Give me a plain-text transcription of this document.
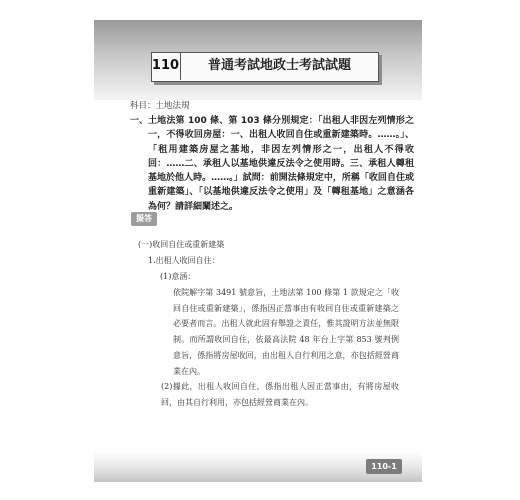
110	普通考試地政士考試試題
科目：土地法規
一、 土地法第 100 條、第 103 條分別規定：「出租人非因左列情形之一，不得收回房屋：一、出租人收回自住或重新建築時。……。」、「租用建築房屋之基地，非因左列情形之一，出租人不得收回：……二、承租人以基地供違反法令之使用時。三、承租人轉租基地於他人時。……。」試問：前開法條規定中，所稱「收回自住或重新建築」、「以基地供違反法令之使用」及「轉租基地」之意涵各為何？請詳細闡述之。
擬答
(一)收回自住或重新建築
1.出租人收回自住：
(1)意涵：
依院解字第 3491 號意旨，土地法第 100 條第 1 款規定之「收回自住或重新建築」，係指因正當事由有收回自住或重新建築之必要者而言。出租人就此固有舉證之責任，惟其證明方法並無限制。而所謂收回自住，依最高法院 48 年台上字第 853 號判例意旨，係指將房屋收回，由出租人自行利用之意，亦包括經營商業在內。
(2)據此，出租人收回自住，係指出租人因正當事由，有將房屋收回，由其自行利用，亦包括經營商業在內。
110-1
